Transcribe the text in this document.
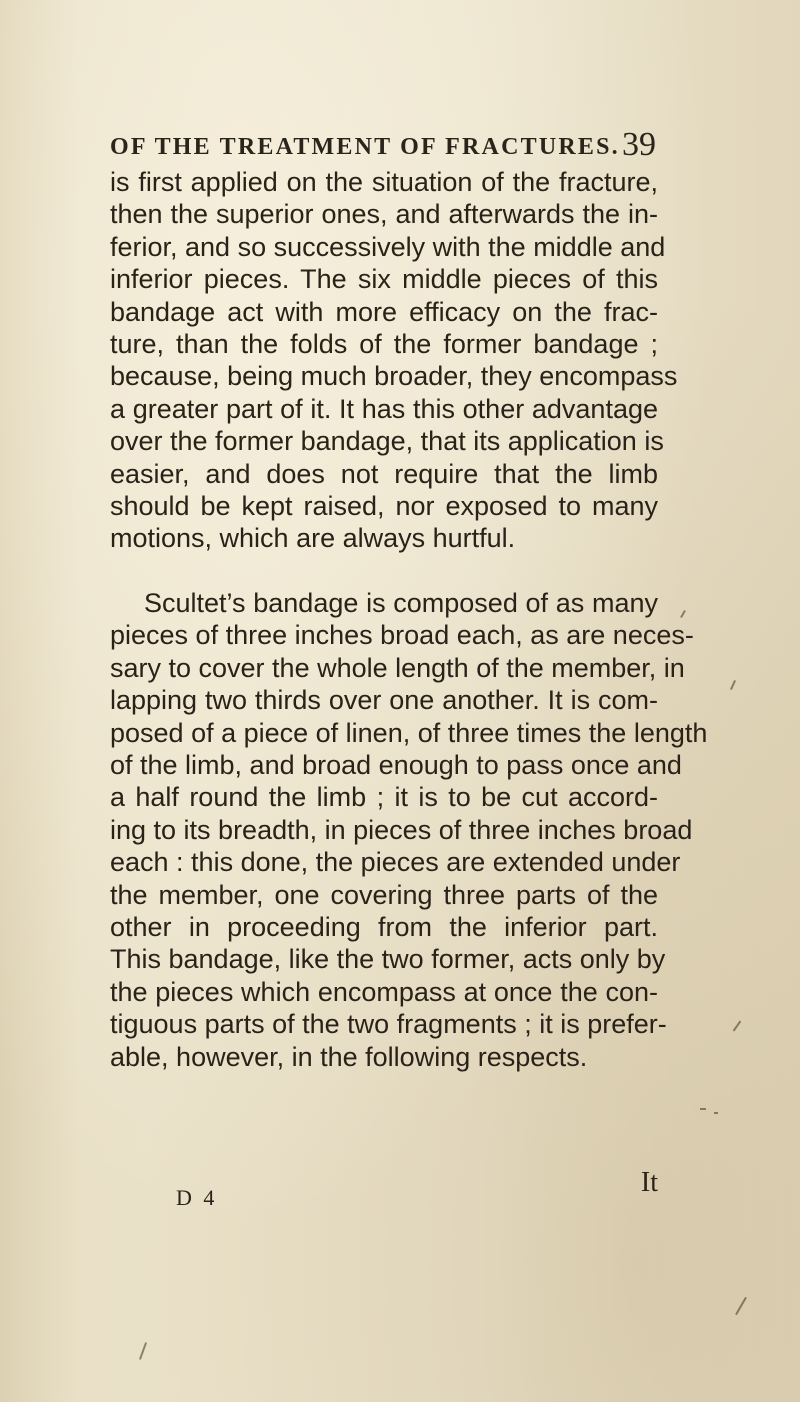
OF THE TREATMENT OF FRACTURES. 39
is first applied on the situation of the fracture,
then the superior ones, and afterwards the in-
ferior, and so successively with the middle and
inferior pieces. The six middle pieces of this
bandage act with more efficacy on the frac-
ture, than the folds of the former bandage ;
because, being much broader, they encompass
a greater part of it. It has this other advantage
over the former bandage, that its application is
easier, and does not require that the limb
should be kept raised, nor exposed to many
motions, which are always hurtful.
Scultet’s bandage is composed of as many
pieces of three inches broad each, as are neces-
sary to cover the whole length of the member, in
lapping two thirds over one another. It is com-
posed of a piece of linen, of three times the length
of the limb, and broad enough to pass once and
a half round the limb ; it is to be cut accord-
ing to its breadth, in pieces of three inches broad
each : this done, the pieces are extended under
the member, one covering three parts of the
other in proceeding from the inferior part.
This bandage, like the two former, acts only by
the pieces which encompass at once the con-
tiguous parts of the two fragments ; it is prefer-
able, however, in the following respects.
D 4	It
